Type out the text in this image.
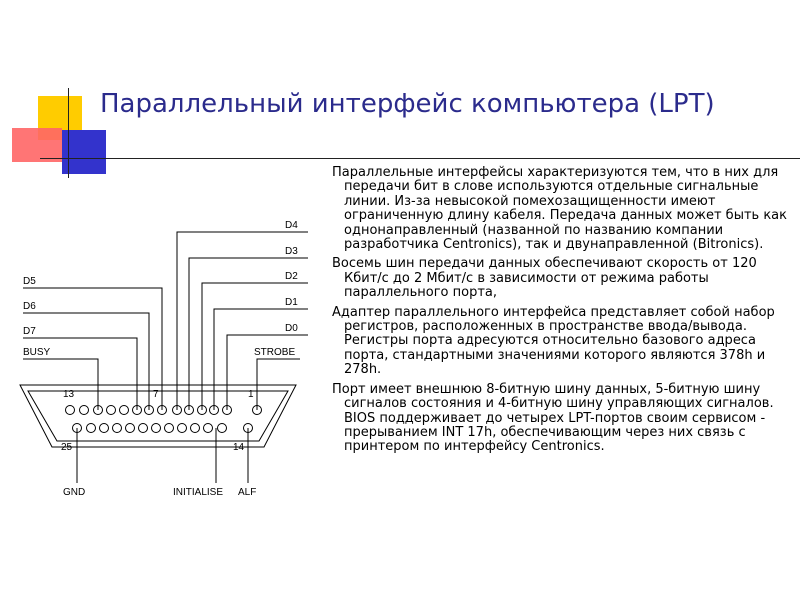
Параллельный интерфейс компьютера (LPT)

Параллельные интерфейсы характеризуются тем, что в них для передачи бит в слове используются отдельные сигнальные линии. Из-за невысокой помехозащищенности имеют ограниченную длину кабеля. Передача данных может быть как однонаправленный (названной по названию компании разработчика Centronics), так и двунаправленной (Bitronics).

Восемь шин передачи данных обеспечивают скорость от 120 Кбит/с до 2 Мбит/с в зависимости от режима работы параллельного порта,

Адаптер параллельного интерфейса представляет собой набор регистров, расположенных в пространстве ввода/вывода. Регистры порта адресуются относительно базового адреса порта, стандартными значениями которого являются 378h и 278h.

Порт имеет внешнюю 8-битную шину данных, 5-битную шину сигналов состояния и 4-битную шину управляющих сигналов.
BIOS поддерживает до четырех LPT-портов своим сервисом - прерыванием INT 17h, обеспечивающим через них связь с принтером по интерфейсу Centronics.

D4
D3
D2
D1
D0
D5
D6
D7
BUSY	STROBE
13	7	1
25	14
GND	INITIALISE ALF
